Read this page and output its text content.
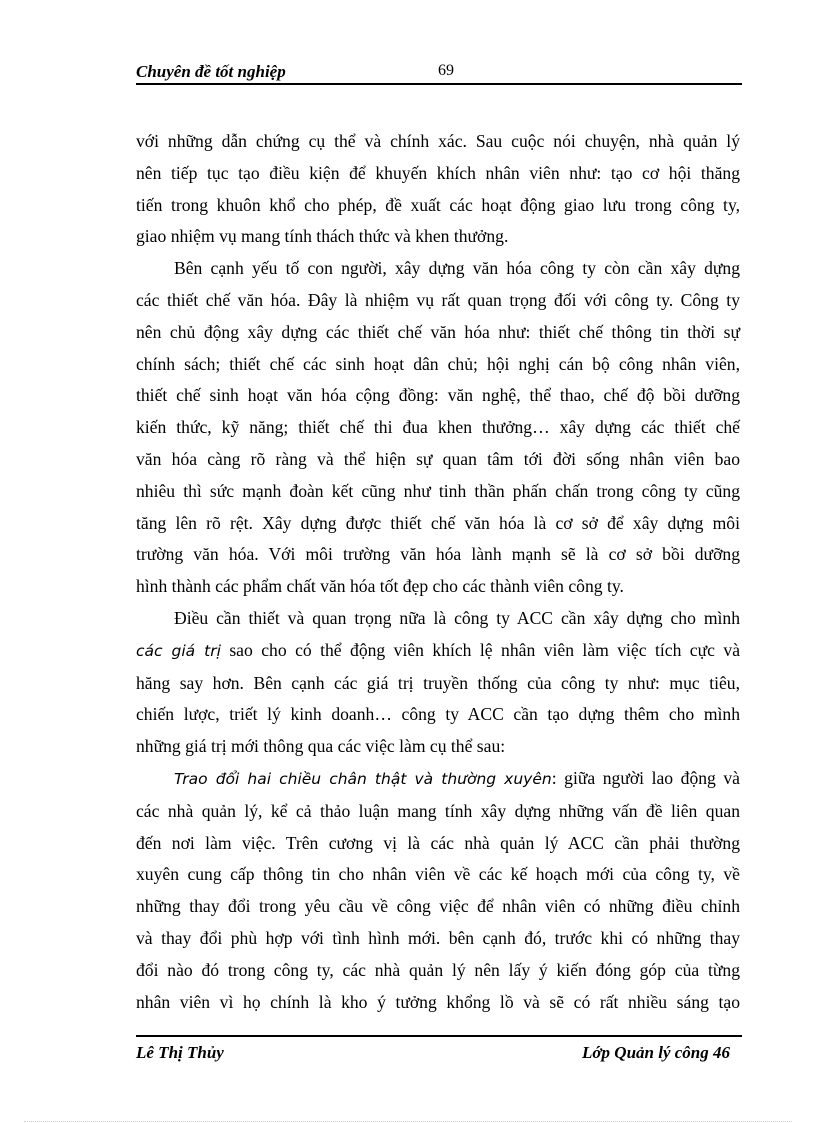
Chuyên đề tốt nghiệp	69
với những dẫn chứng cụ thể và chính xác. Sau cuộc nói chuyện, nhà quản lý
nên tiếp tục tạo điều kiện để khuyến khích nhân viên như: tạo cơ hội thăng
tiến trong khuôn khổ cho phép, đề xuất các hoạt động giao lưu trong công ty,
giao nhiệm vụ mang tính thách thức và khen thưởng.
Bên cạnh yếu tố con người, xây dựng văn hóa công ty còn cần xây dựng
các thiết chế văn hóa. Đây là nhiệm vụ rất quan trọng đối với công ty. Công ty
nên chủ động xây dựng các thiết chế văn hóa như: thiết chế thông tin thời sự
chính sách; thiết chế các sinh hoạt dân chủ; hội nghị cán bộ công nhân viên,
thiết chế sinh hoạt văn hóa cộng đồng: văn nghệ, thể thao, chế độ bồi dưỡng
kiến thức, kỹ năng; thiết chế thi đua khen thưởng… xây dựng các thiết chế
văn hóa càng rõ ràng và thể hiện sự quan tâm tới đời sống nhân viên bao
nhiêu thì sức mạnh đoàn kết cũng như tinh thần phấn chấn trong công ty cũng
tăng lên rõ rệt. Xây dựng được thiết chế văn hóa là cơ sở để xây dựng môi
trường văn hóa. Với môi trường văn hóa lành mạnh sẽ là cơ sở bồi dưỡng
hình thành các phẩm chất văn hóa tốt đẹp cho các thành viên công ty.
Điều cần thiết và quan trọng nữa là công ty ACC cần xây dựng cho mình
các giá trị sao cho có thể động viên khích lệ nhân viên làm việc tích cực và
hăng say hơn. Bên cạnh các giá trị truyền thống của công ty như: mục tiêu,
chiến lược, triết lý kinh doanh… công ty ACC cần tạo dựng thêm cho mình
những giá trị mới thông qua các việc làm cụ thể sau:
Trao đổi hai chiều chân thật và thường xuyên: giữa người lao động và
các nhà quản lý, kể cả thảo luận mang tính xây dựng những vấn đề liên quan
đến nơi làm việc. Trên cương vị là các nhà quản lý ACC cần phải thường
xuyên cung cấp thông tin cho nhân viên về các kế hoạch mới của công ty, về
những thay đổi trong yêu cầu về công việc để nhân viên có những điều chỉnh
và thay đổi phù hợp với tình hình mới. bên cạnh đó, trước khi có những thay
đổi nào đó trong công ty, các nhà quản lý nên lấy ý kiến đóng góp của từng
nhân viên vì họ chính là kho ý tưởng khổng lồ và sẽ có rất nhiều sáng tạo
Lê Thị Thủy	Lớp Quản lý công 46
